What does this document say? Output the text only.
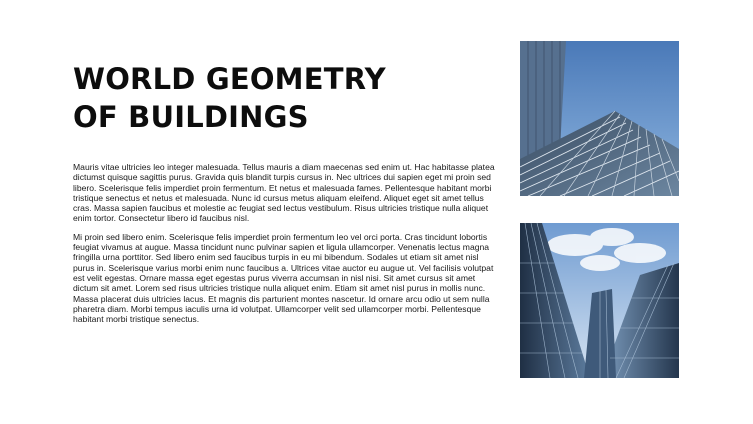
WORLD GEOMETRY
OF BUILDINGS

Mauris vitae ultricies leo integer malesuada. Tellus mauris a diam maecenas sed enim ut. Hac habitasse platea dictumst quisque sagittis purus. Gravida quis blandit turpis cursus in. Nec ultrices dui sapien eget mi proin sed libero. Scelerisque felis imperdiet proin fermentum. Et netus et malesuada fames. Pellentesque habitant morbi tristique senectus et netus et malesuada. Nunc id cursus metus aliquam eleifend. Aliquet eget sit amet tellus cras. Massa sapien faucibus et molestie ac feugiat sed lectus vestibulum. Risus ultricies tristique nulla aliquet enim tortor. Consectetur libero id faucibus nisl.

Mi proin sed libero enim. Scelerisque felis imperdiet proin fermentum leo vel orci porta. Cras tincidunt lobortis feugiat vivamus at augue. Massa tincidunt nunc pulvinar sapien et ligula ullamcorper. Venenatis lectus magna fringilla urna porttitor. Sed libero enim sed faucibus turpis in eu mi bibendum. Sodales ut etiam sit amet nisl purus in. Scelerisque varius morbi enim nunc faucibus a. Ultrices vitae auctor eu augue ut. Vel facilisis volutpat est velit egestas. Ornare massa eget egestas purus viverra accumsan in nisl nisi. Sit amet cursus sit amet dictum sit amet. Lorem sed risus ultricies tristique nulla aliquet enim. Etiam sit amet nisl purus in mollis nunc. Massa placerat duis ultricies lacus. Et magnis dis parturient montes nascetur. Id ornare arcu odio ut sem nulla pharetra diam. Morbi tempus iaculis urna id volutpat. Ullamcorper velit sed ullamcorper morbi. Pellentesque habitant morbi tristique senectus.
